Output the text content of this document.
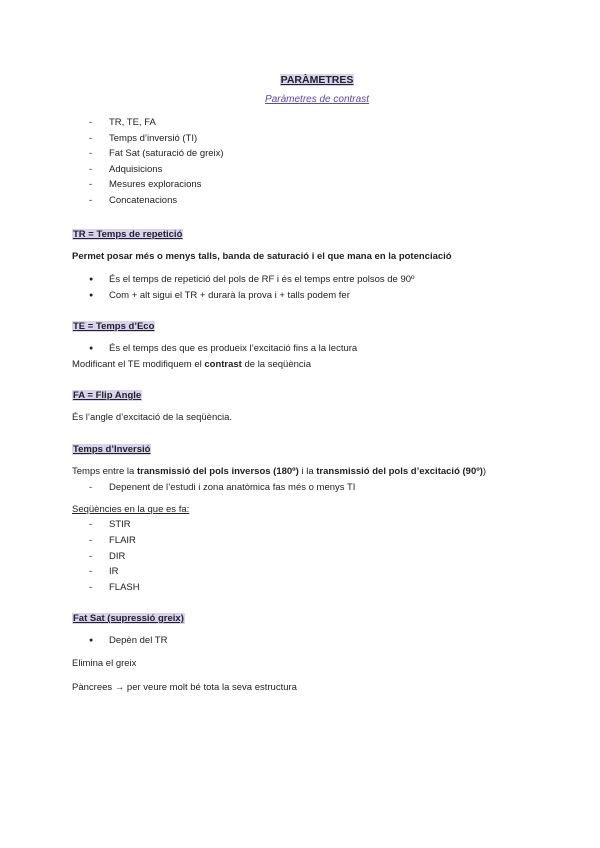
PARÀMETRES
Paràmetres de contrast
- TR, TE, FA
- Temps d’inversió (TI)
- Fat Sat (saturació de greix)
- Adquisicions
- Mesures exploracions
- Concatenacions
TR = Temps de repetició
Permet posar més o menys talls, banda de saturació i el que mana en la potenciació
● És el temps de repetició del pols de RF i és el temps entre polsos de 90º
● Com + alt sigui el TR + durarà la prova i + talls podem fer
TE = Temps d’Eco
● És el temps des que es produeix l’excitació fins a la lectura
Modificant el TE modifiquem el contrast de la seqüència
FA = Flip Angle
És l’angle d’excitació de la seqüència.
Temps d’Inversió
Temps entre la transmissió del pols inversos (180º) i la transmissió del pols d’excitació (90º))
- Depenent de l’estudi i zona anatòmica fas més o menys TI
Seqüències en la que es fa:
- STIR
- FLAIR
- DIR
- IR
- FLASH
Fat Sat (supressió greix)
● Depèn del TR
Elimina el greix
Pàncrees → per veure molt bé tota la seva estructura
